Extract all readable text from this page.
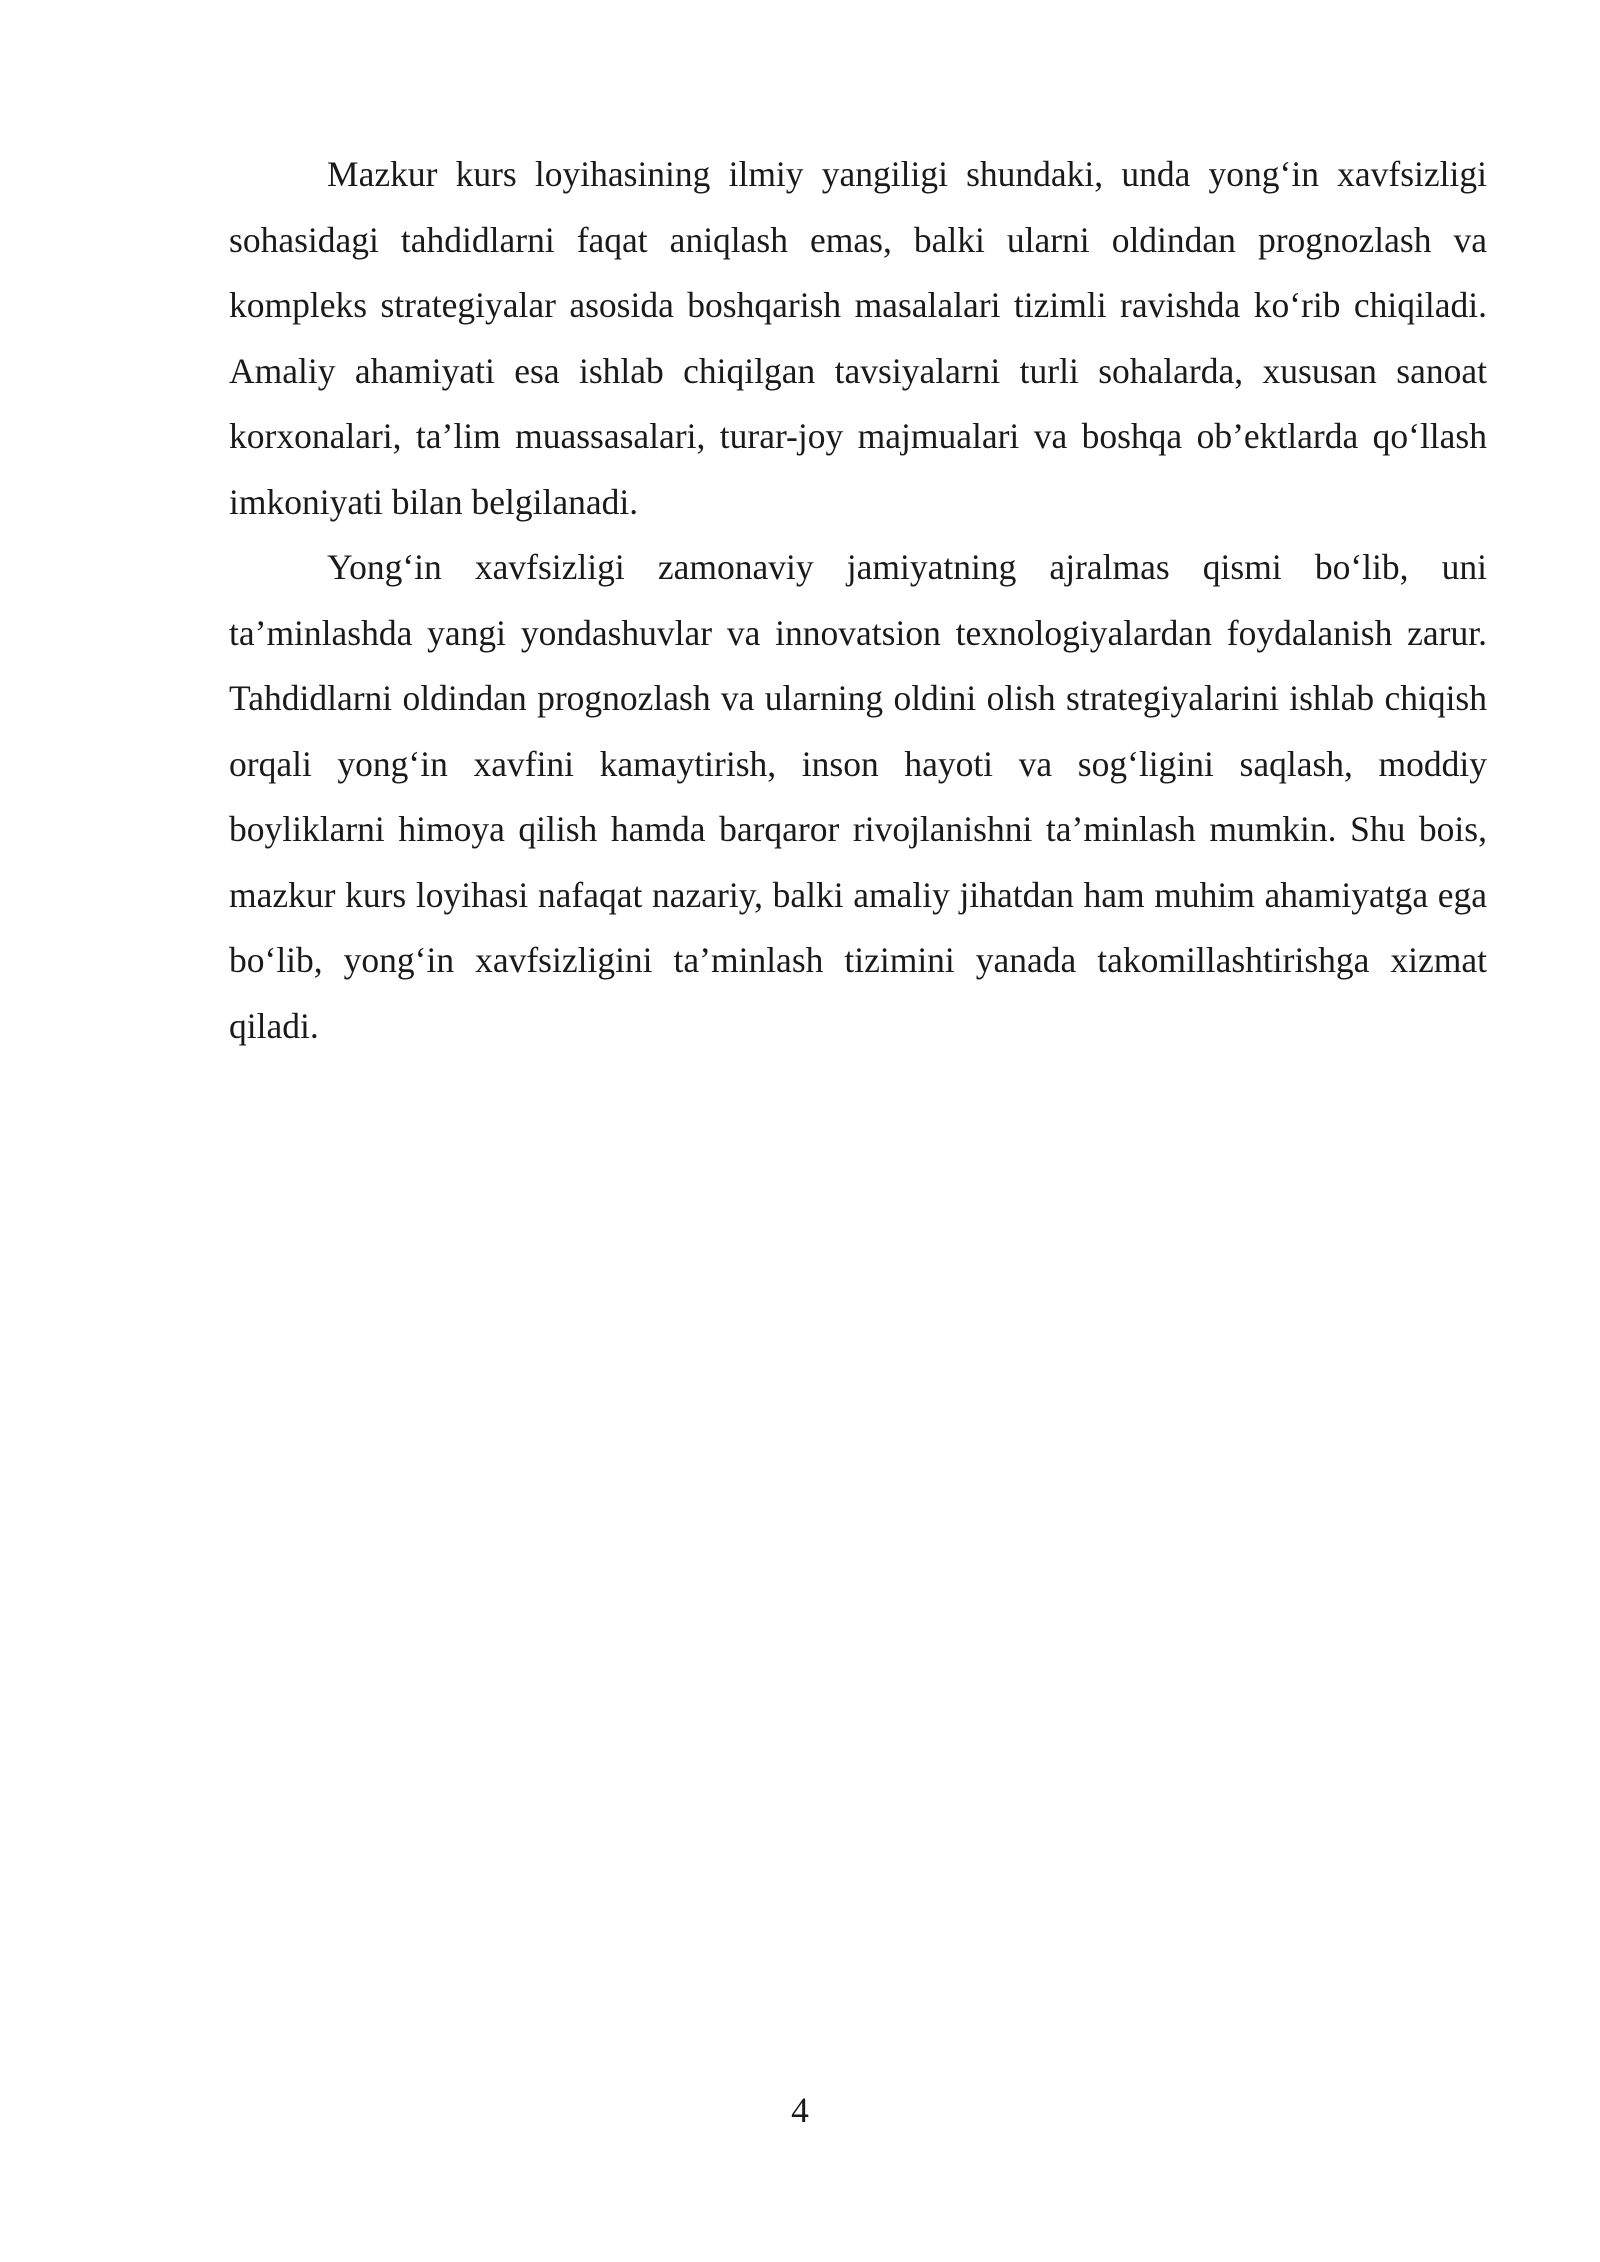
Mazkur kurs loyihasining ilmiy yangiligi shundaki, unda yong‘in xavfsizligi sohasidagi tahdidlarni faqat aniqlash emas, balki ularni oldindan prognozlash va kompleks strategiyalar asosida boshqarish masalalari tizimli ravishda ko‘rib chiqiladi. Amaliy ahamiyati esa ishlab chiqilgan tavsiyalarni turli sohalarda, xususan sanoat korxonalari, ta’lim muassasalari, turar-joy majmualari va boshqa ob’ektlarda qo‘llash imkoniyati bilan belgilanadi.

Yong‘in xavfsizligi zamonaviy jamiyatning ajralmas qismi bo‘lib, uni ta’minlashda yangi yondashuvlar va innovatsion texnologiyalardan foydalanish zarur. Tahdidlarni oldindan prognozlash va ularning oldini olish strategiyalarini ishlab chiqish orqali yong‘in xavfini kamaytirish, inson hayoti va sog‘ligini saqlash, moddiy boyliklarni himoya qilish hamda barqaror rivojlanishni ta’minlash mumkin. Shu bois, mazkur kurs loyihasi nafaqat nazariy, balki amaliy jihatdan ham muhim ahamiyatga ega bo‘lib, yong‘in xavfsizligini ta’minlash tizimini yanada takomillashtirishga xizmat qiladi.

4
